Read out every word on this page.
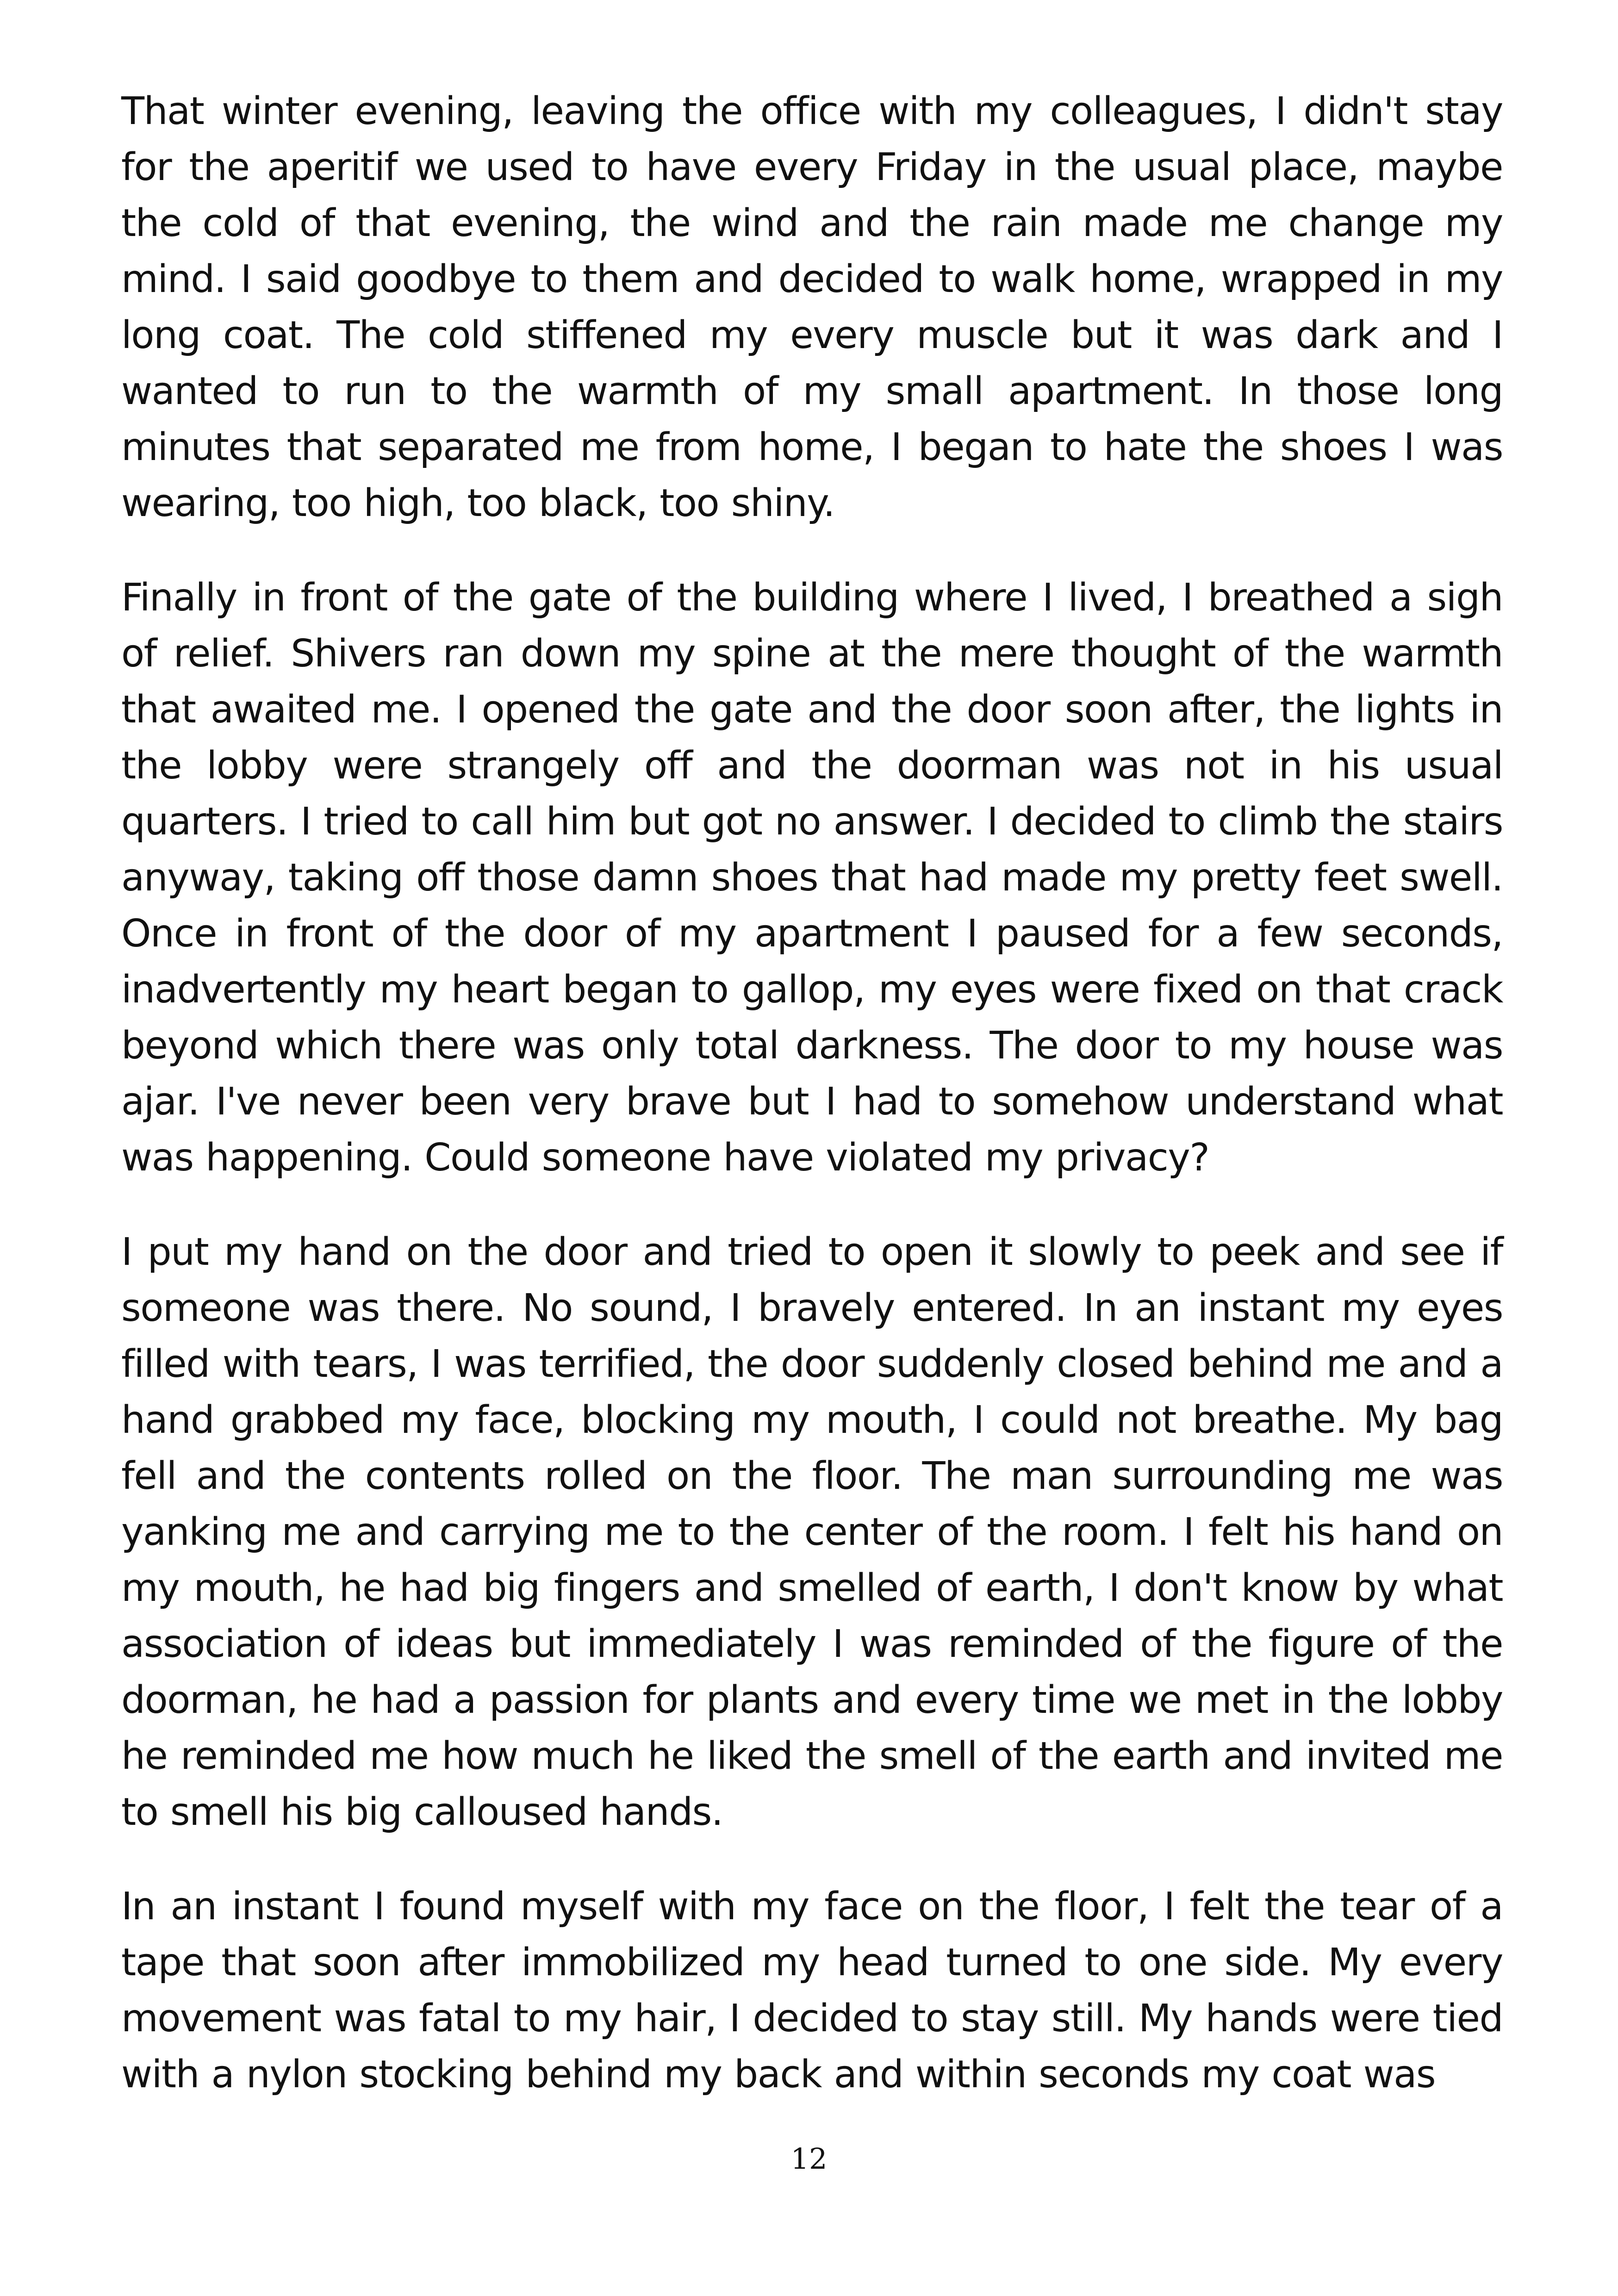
That winter evening, leaving the office with my colleagues, I didn't stay for the aperitif we used to have every Friday in the usual place, maybe the cold of that evening, the wind and the rain made me change my mind. I said goodbye to them and decided to walk home, wrapped in my long coat. The cold stiffened my every muscle but it was dark and I wanted to run to the warmth of my small apartment. In those long minutes that separated me from home, I began to hate the shoes I was wearing, too high, too black, too shiny.

Finally in front of the gate of the building where I lived, I breathed a sigh of relief. Shivers ran down my spine at the mere thought of the warmth that awaited me. I opened the gate and the door soon after, the lights in the lobby were strangely off and the doorman was not in his usual quarters. I tried to call him but got no answer. I decided to climb the stairs anyway, taking off those damn shoes that had made my pretty feet swell. Once in front of the door of my apartment I paused for a few seconds, inadvertently my heart began to gallop, my eyes were fixed on that crack beyond which there was only total darkness. The door to my house was ajar. I've never been very brave but I had to somehow understand what was happening. Could someone have violated my privacy?

I put my hand on the door and tried to open it slowly to peek and see if someone was there. No sound, I bravely entered. In an instant my eyes filled with tears, I was terrified, the door suddenly closed behind me and a hand grabbed my face, blocking my mouth, I could not breathe. My bag fell and the contents rolled on the floor. The man surrounding me was yanking me and carrying me to the center of the room. I felt his hand on my mouth, he had big fingers and smelled of earth, I don't know by what association of ideas but immediately I was reminded of the figure of the doorman, he had a passion for plants and every time we met in the lobby he reminded me how much he liked the smell of the earth and invited me to smell his big calloused hands.

In an instant I found myself with my face on the floor, I felt the tear of a tape that soon after immobilized my head turned to one side. My every movement was fatal to my hair, I decided to stay still. My hands were tied with a nylon stocking behind my back and within seconds my coat was

12
